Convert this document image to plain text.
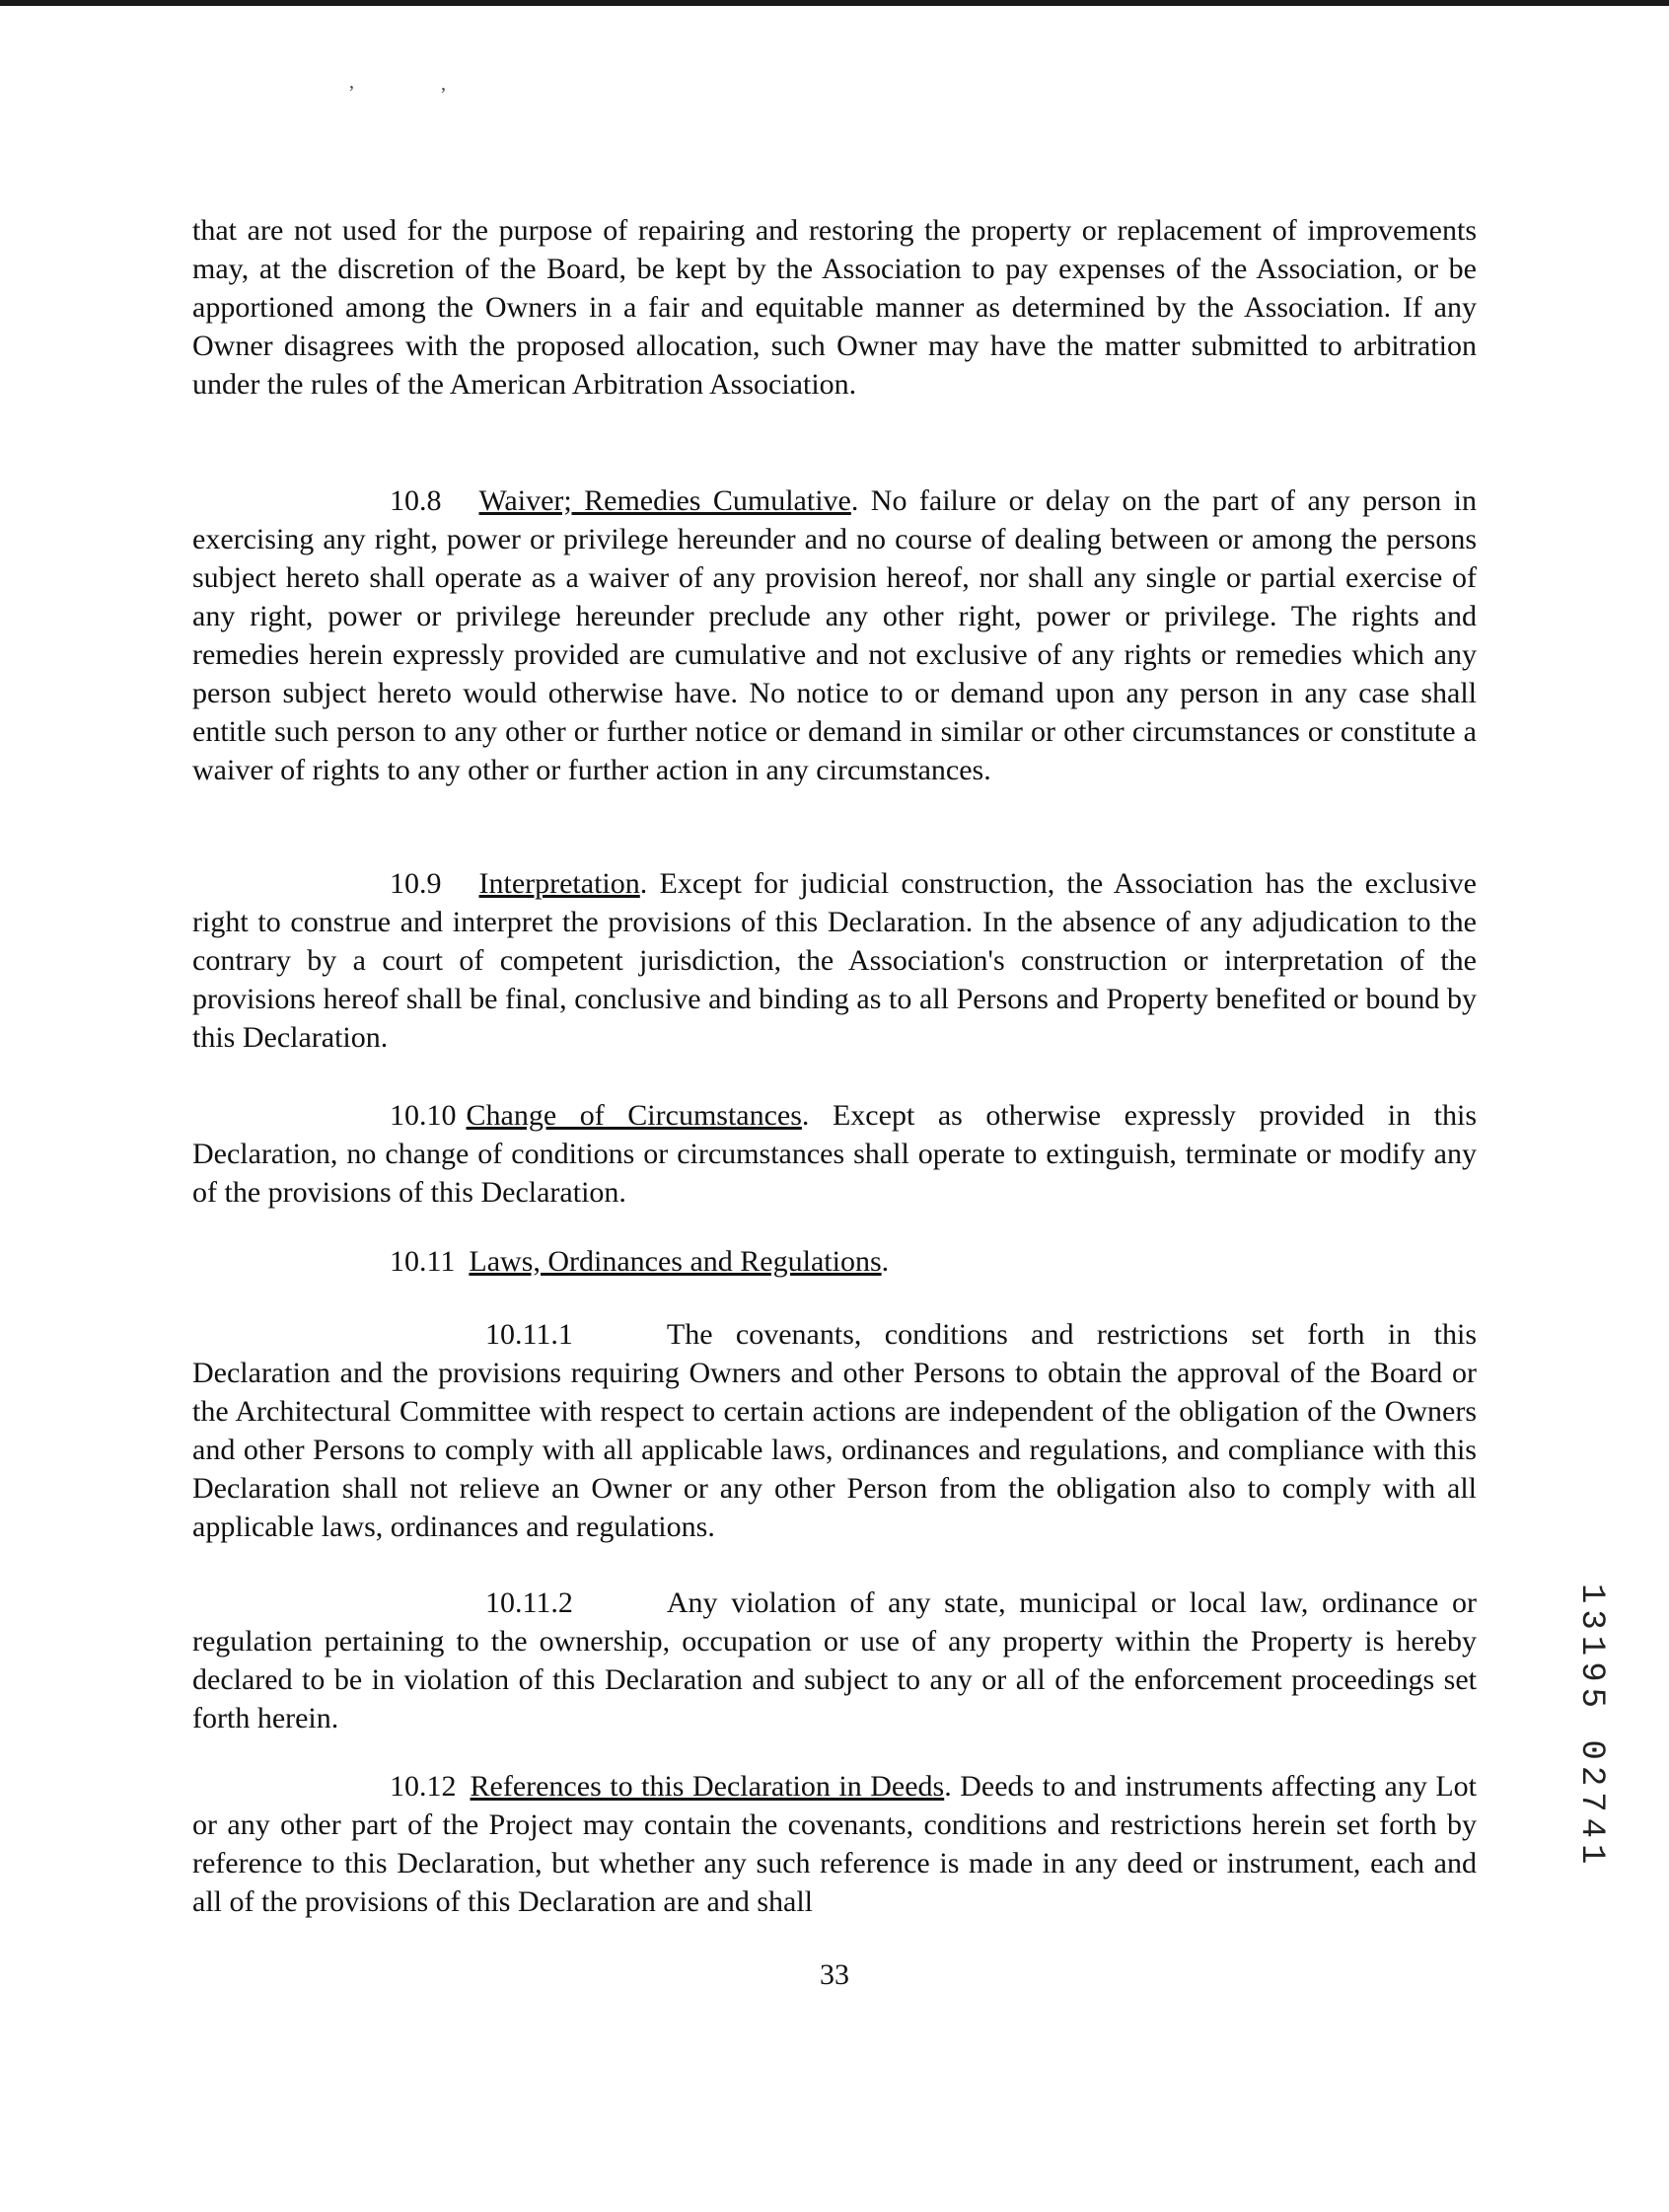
,	,
that are not used for the purpose of repairing and restoring the property or replacement of improvements may, at the discretion of the Board, be kept by the Association to pay expenses of the Association, or be apportioned among the Owners in a fair and equitable manner as determined by the Association. If any Owner disagrees with the proposed allocation, such Owner may have the matter submitted to arbitration under the rules of the American Arbitration Association.
10.8 Waiver; Remedies Cumulative. No failure or delay on the part of any person in exercising any right, power or privilege hereunder and no course of dealing between or among the persons subject hereto shall operate as a waiver of any provision hereof, nor shall any single or partial exercise of any right, power or privilege hereunder preclude any other right, power or privilege. The rights and remedies herein expressly provided are cumulative and not exclusive of any rights or remedies which any person subject hereto would otherwise have. No notice to or demand upon any person in any case shall entitle such person to any other or further notice or demand in similar or other circumstances or constitute a waiver of rights to any other or further action in any circumstances.
10.9 Interpretation. Except for judicial construction, the Association has the exclusive right to construe and interpret the provisions of this Declaration. In the absence of any adjudication to the contrary by a court of competent jurisdiction, the Association's construction or interpretation of the provisions hereof shall be final, conclusive and binding as to all Persons and Property benefited or bound by this Declaration.
10.10 Change of Circumstances. Except as otherwise expressly provided in this Declaration, no change of conditions or circumstances shall operate to extinguish, terminate or modify any of the provisions of this Declaration.
10.11 Laws, Ordinances and Regulations.
10.11.1	The covenants, conditions and restrictions set forth in this Declaration and the provisions requiring Owners and other Persons to obtain the approval of the Board or the Architectural Committee with respect to certain actions are independent of the obligation of the Owners and other Persons to comply with all applicable laws, ordinances and regulations, and compliance with this Declaration shall not relieve an Owner or any other Person from the obligation also to comply with all applicable laws, ordinances and regulations.
10.11.2	Any violation of any state, municipal or local law, ordinance or regulation pertaining to the ownership, occupation or use of any property within the Property is hereby declared to be in violation of this Declaration and subject to any or all of the enforcement proceedings set forth herein.
10.12 References to this Declaration in Deeds. Deeds to and instruments affecting any Lot or any other part of the Project may contain the covenants, conditions and restrictions herein set forth by reference to this Declaration, but whether any such reference is made in any deed or instrument, each and all of the provisions of this Declaration are and shall
33
13195 02741
